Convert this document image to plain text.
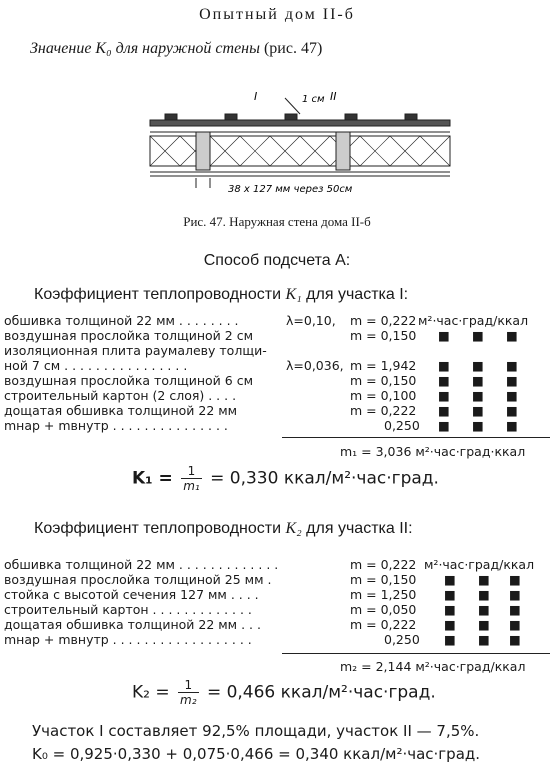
Опытный дом II-б
Значение K₀ для наружной стены (рис. 47)
I	1 см II
38 x 127 мм через 50см
Рис. 47. Наружная стена дома II-б
Способ подсчета А:
Коэффициент теплопроводности K₁ для участка I:
обшивка толщиной 22 мм . . . . . . . .	λ=0,10, m = 0,222 м²·час·град/ккал
воздушная прослойка толщиной 2 см	m = 0,150 ■ ■ ■
изоляционная плита раумалеву толщи-
ной 7 см . . . . . . . . . . . . . . . .	λ=0,036, m = 1,942 ■ ■ ■
воздушная прослойка толщиной 6 см	m = 0,150 ■ ■ ■
строительный картон (2 слоя) . . . .	m = 0,100 ■ ■ ■
дощатая обшивка толщиной 22 мм	m = 0,222 ■ ■ ■
mнар + mвнутр . . . . . . . . . . . . . . .	0,250 ■ ■ ■
m₁ = 3,036 м²·час·град·ккал
$K_1 = \frac{1}{\text{m₁}} = 0,330$ ккал/м²·час·град.
Коэффициент теплопроводности K₂ для участка II:
обшивка толщиной 22 мм . . . . . . . . . . . . .	m = 0,222 м²·час·град/ккал
воздушная прослойка толщиной 25 мм .	m = 0,150 ■ ■ ■
стойка с высотой сечения 127 мм . . . .	m = 1,250 ■ ■ ■
строительный картон . . . . . . . . . . . . .	m = 0,050 ■ ■ ■
дощатая обшивка толщиной 22 мм . . .	m = 0,222 ■ ■ ■
mнар + mвнутр . . . . . . . . . . . . . . . . . .	0,250 ■ ■ ■
m₂ = 2,144 м²·час·град/ккал
$K_2 = \frac{1}{\text{m₂}} = 0,466$ ккал/м²·час·град.
Участок I составляет 92,5% площади, участок II — 7,5%.
K₀ = 0,925·0,330 + 0,075·0,466 = 0,340 ккал/м²·час·град.
